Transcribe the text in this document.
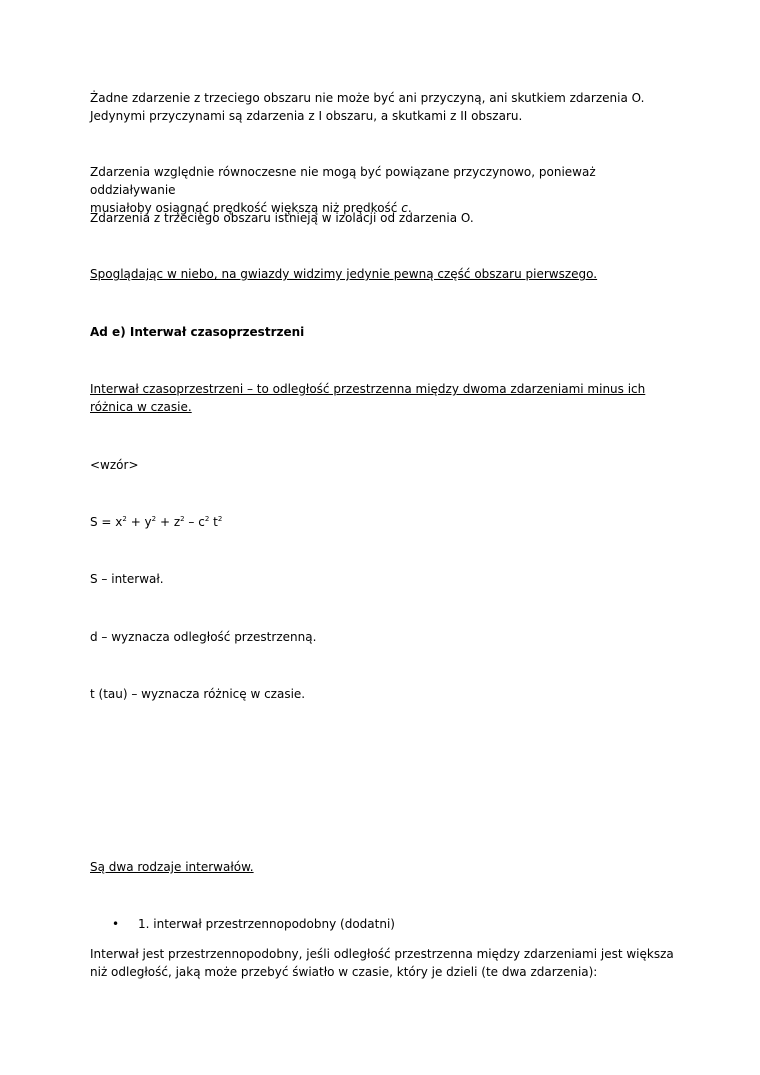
Żadne zdarzenie z trzeciego obszaru nie może być ani przyczyną, ani skutkiem zdarzenia O.
Jedynymi przyczynami są zdarzenia z I obszaru, a skutkami z II obszaru.

Zdarzenia względnie równoczesne nie mogą być powiązane przyczynowo, ponieważ oddziaływanie
musiałoby osiągnąć prędkość większą niż prędkość c.

Zdarzenia z trzeciego obszaru istnieją w izolacji od zdarzenia O.

Spoglądając w niebo, na gwiazdy widzimy jedynie pewną część obszaru pierwszego.

Ad e) Interwał czasoprzestrzeni

Interwał czasoprzestrzeni – to odległość przestrzenna między dwoma zdarzeniami minus ich
różnica w czasie.

<wzór>

$S = x^2 + y^2 + z^2 - c^2$ $t^2$

S – interwał.

d – wyznacza odległość przestrzenną.

t (tau) – wyznacza różnicę w czasie.

Są dwa rodzaje interwałów.

• 1. interwał przestrzennopodobny (dodatni)

Interwał jest przestrzennopodobny, jeśli odległość przestrzenna między zdarzeniami jest większa
niż odległość, jaką może przebyć światło w czasie, który je dzieli (te dwa zdarzenia):
